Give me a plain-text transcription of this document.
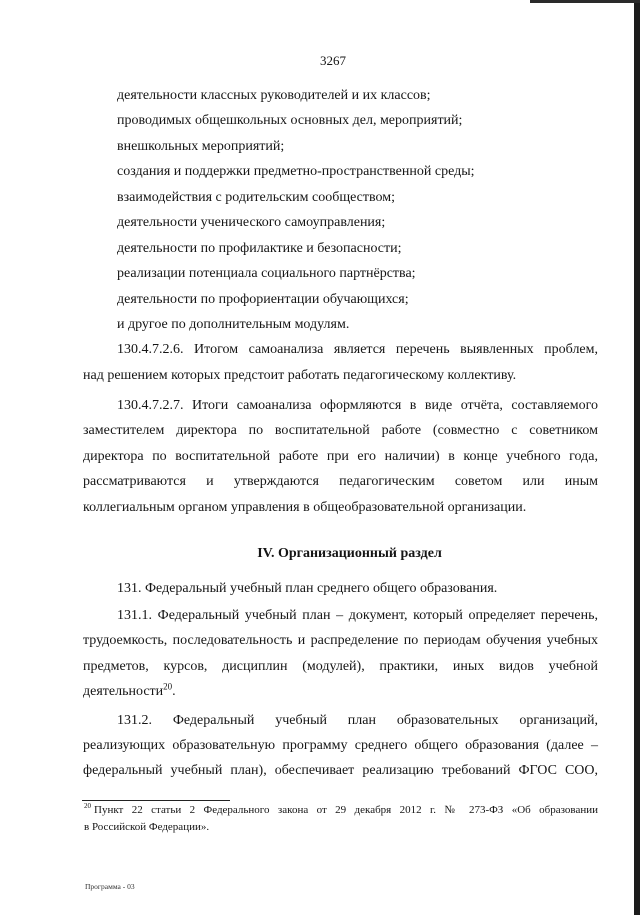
3267
деятельности классных руководителей и их классов;
проводимых общешкольных основных дел, мероприятий;
внешкольных мероприятий;
создания и поддержки предметно-пространственной среды;
взаимодействия с родительским сообществом;
деятельности ученического самоуправления;
деятельности по профилактике и безопасности;
реализации потенциала социального партнёрства;
деятельности по профориентации обучающихся;
и другое по дополнительным модулям.
130.4.7.2.6. Итогом самоанализа является перечень выявленных проблем,
над решением которых предстоит работать педагогическому коллективу.
130.4.7.2.7. Итоги самоанализа оформляются в виде отчёта, составляемого
заместителем директора по воспитательной работе (совместно с советником
директора по воспитательной работе при его наличии) в конце учебного года,
рассматриваются и утверждаются педагогическим советом или иным
коллегиальным органом управления в общеобразовательной организации.
IV. Организационный раздел
131. Федеральный учебный план среднего общего образования.
131.1. Федеральный учебный план – документ, который определяет перечень,
трудоемкость, последовательность и распределение по периодам обучения учебных
предметов, курсов, дисциплин (модулей), практики, иных видов учебной
деятельности$^{20}$.
131.2. Федеральный учебный план образовательных организаций,
реализующих образовательную программу среднего общего образования (далее –
федеральный учебный план), обеспечивает реализацию требований ФГОС СОО,
$^{20}$ Пункт 22 статьи 2 Федерального закона от 29 декабря 2012 г. № 273-ФЗ «Об образовании
в Российской Федерации».
Программа - 03
